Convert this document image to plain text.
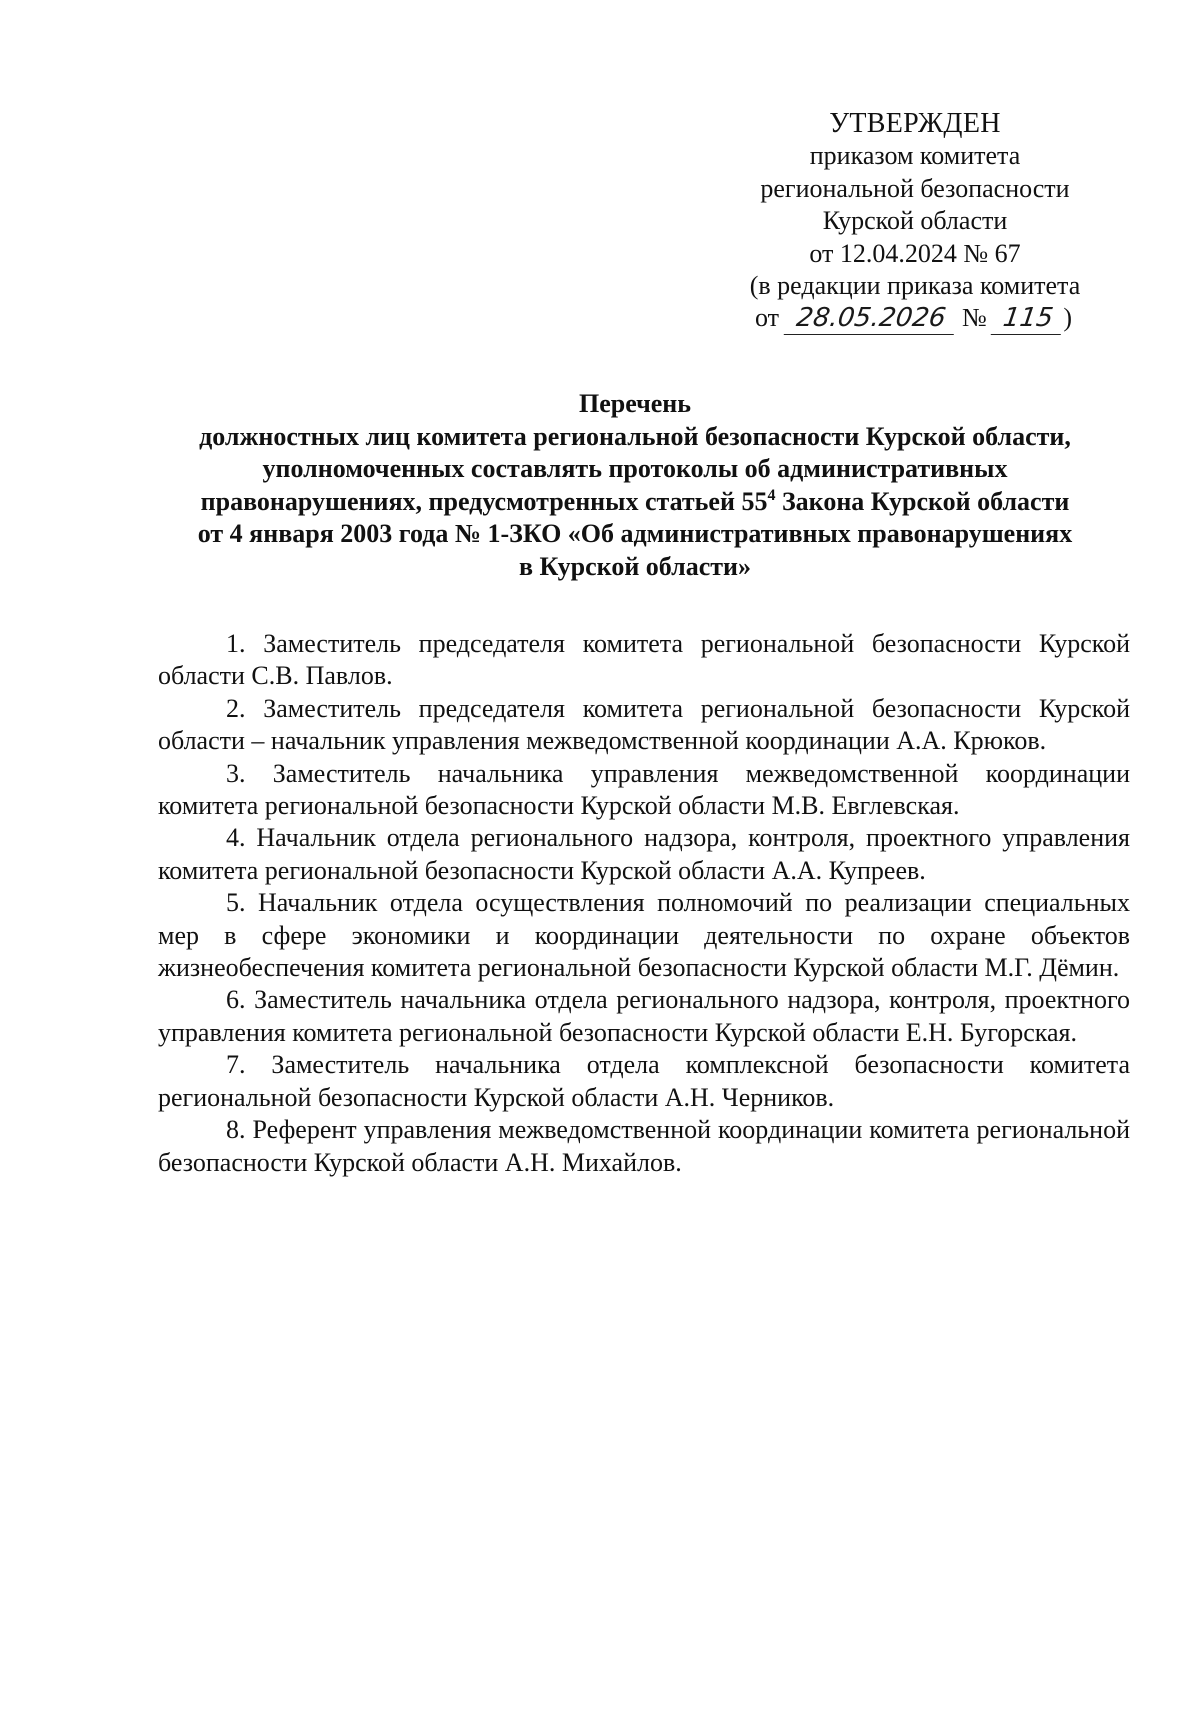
УТВЕРЖДЕН
приказом комитета
региональной безопасности
Курской области
от 12.04.2024 № 67
(в редакции приказа комитета
от 28.05.2026 № 115 )
Перечень
должностных лиц комитета региональной безопасности Курской области,
уполномоченных составлять протоколы об административных
правонарушениях, предусмотренных статьей $55^4$ Закона Курской области
от 4 января 2003 года № 1-ЗКО «Об административных правонарушениях
в Курской области»

1. Заместитель председателя комитета региональной безопасности Курской области С.В. Павлов.

2. Заместитель председателя комитета региональной безопасности Курской области – начальник управления межведомственной координации А.А. Крюков.

3. Заместитель начальника управления межведомственной координации комитета региональной безопасности Курской области М.В. Евглевская.

4. Начальник отдела регионального надзора, контроля, проектного управления комитета региональной безопасности Курской области А.А. Купреев.

5. Начальник отдела осуществления полномочий по реализации специальных мер в сфере экономики и координации деятельности по охране объектов жизнеобеспечения комитета региональной безопасности Курской области М.Г. Дёмин.

6. Заместитель начальника отдела регионального надзора, контроля, проектного управления комитета региональной безопасности Курской области Е.Н. Бугорская.

7. Заместитель начальника отдела комплексной безопасности комитета региональной безопасности Курской области А.Н. Черников.

8. Референт управления межведомственной координации комитета региональной безопасности Курской области А.Н. Михайлов.
